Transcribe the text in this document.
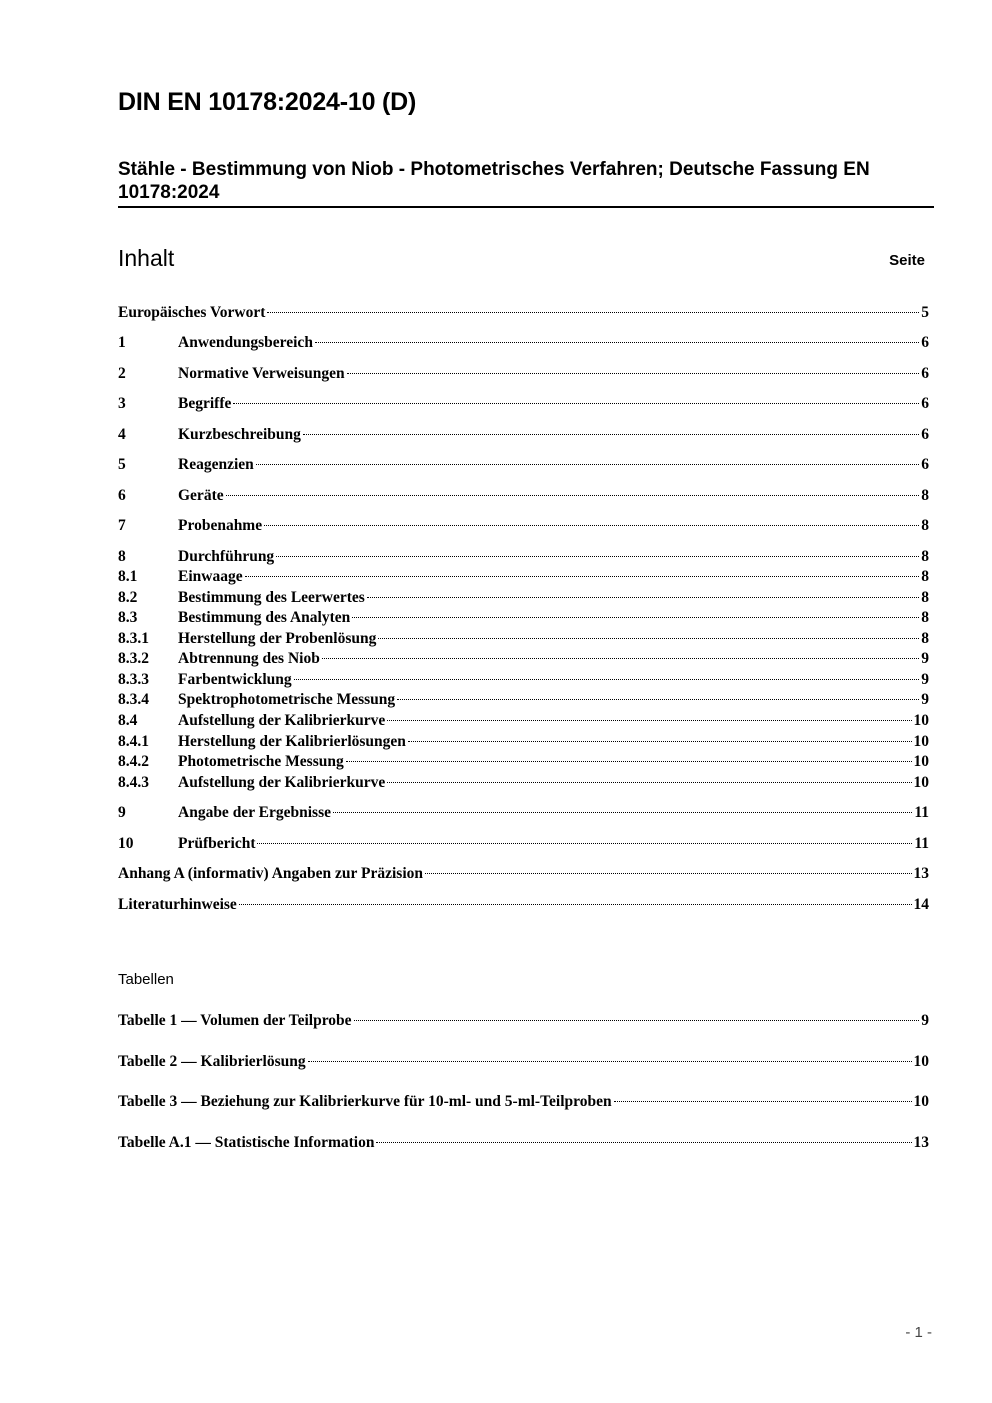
DIN EN 10178:2024-10 (D)
Stähle - Bestimmung von Niob - Photometrisches Verfahren; Deutsche Fassung EN 10178:2024
Inhalt	Seite
Europäisches Vorwort	5
1	Anwendungsbereich	6
2	Normative Verweisungen	6
3	Begriffe	6
4	Kurzbeschreibung	6
5	Reagenzien	6
6	Geräte	8
7	Probenahme	8
8	Durchführung	8
8.1	Einwaage	8
8.2	Bestimmung des Leerwertes	8
8.3	Bestimmung des Analyten	8
8.3.1	Herstellung der Probenlösung	8
8.3.2	Abtrennung des Niob	9
8.3.3	Farbentwicklung	9
8.3.4	Spektrophotometrische Messung	9
8.4	Aufstellung der Kalibrierkurve	10
8.4.1	Herstellung der Kalibrierlösungen	10
8.4.2	Photometrische Messung	10
8.4.3	Aufstellung der Kalibrierkurve	10
9	Angabe der Ergebnisse	11
10	Prüfbericht	11
Anhang A (informativ) Angaben zur Präzision	13
Literaturhinweise	14
Tabellen
Tabelle 1 — Volumen der Teilprobe	9
Tabelle 2 — Kalibrierlösung	10
Tabelle 3 — Beziehung zur Kalibrierkurve für 10-ml- und 5-ml-Teilproben	10
Tabelle A.1 — Statistische Information	13
- 1 -
